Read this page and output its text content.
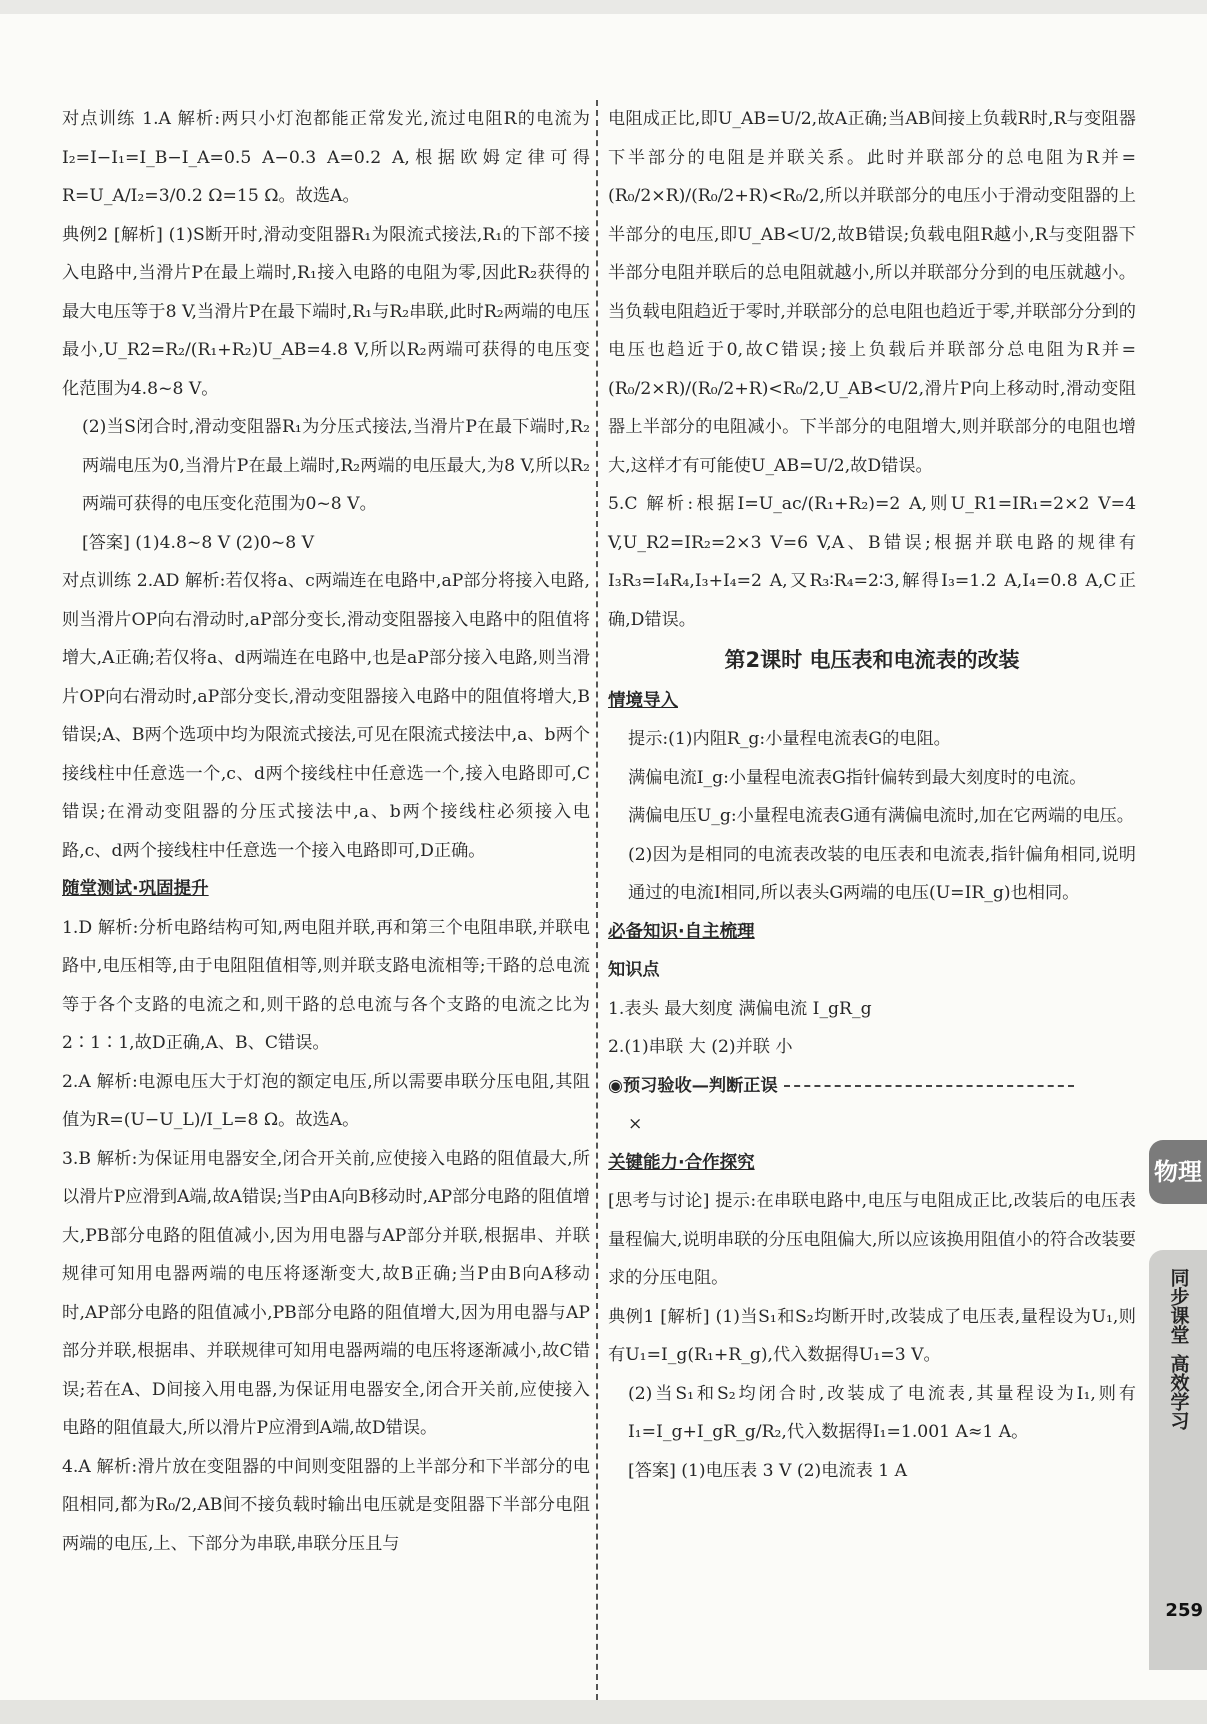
对点训练 1.A 解析:两只小灯泡都能正常发光,流过电阻R的电流为I₂=I−I₁=I_B−I_A=0.5 A−0.3 A=0.2 A,根据欧姆定律可得R=U_A/I₂=3/0.2 Ω=15 Ω。故选A。

典例2 [解析] (1)S断开时,滑动变阻器R₁为限流式接法,R₁的下部不接入电路中,当滑片P在最上端时,R₁接入电路的电阻为零,因此R₂获得的最大电压等于8 V,当滑片P在最下端时,R₁与R₂串联,此时R₂两端的电压最小,U_R2=R₂/(R₁+R₂)U_AB=4.8 V,所以R₂两端可获得的电压变化范围为4.8~8 V。

(2)当S闭合时,滑动变阻器R₁为分压式接法,当滑片P在最下端时,R₂两端电压为0,当滑片P在最上端时,R₂两端的电压最大,为8 V,所以R₂两端可获得的电压变化范围为0~8 V。

[答案] (1)4.8~8 V (2)0~8 V

对点训练 2.AD 解析:若仅将a、c两端连在电路中,aP部分将接入电路,则当滑片OP向右滑动时,aP部分变长,滑动变阻器接入电路中的阻值将增大,A正确;若仅将a、d两端连在电路中,也是aP部分接入电路,则当滑片OP向右滑动时,aP部分变长,滑动变阻器接入电路中的阻值将增大,B错误;A、B两个选项中均为限流式接法,可见在限流式接法中,a、b两个接线柱中任意选一个,c、d两个接线柱中任意选一个,接入电路即可,C错误;在滑动变阻器的分压式接法中,a、b两个接线柱必须接入电路,c、d两个接线柱中任意选一个接入电路即可,D正确。

随堂测试·巩固提升

1.D 解析:分析电路结构可知,两电阻并联,再和第三个电阻串联,并联电路中,电压相等,由于电阻阻值相等,则并联支路电流相等;干路的总电流等于各个支路的电流之和,则干路的总电流与各个支路的电流之比为2∶1∶1,故D正确,A、B、C错误。

2.A 解析:电源电压大于灯泡的额定电压,所以需要串联分压电阻,其阻值为R=(U−U_L)/I_L=8 Ω。故选A。

3.B 解析:为保证用电器安全,闭合开关前,应使接入电路的阻值最大,所以滑片P应滑到A端,故A错误;当P由A向B移动时,AP部分电路的阻值增大,PB部分电路的阻值减小,因为用电器与AP部分并联,根据串、并联规律可知用电器两端的电压将逐渐变大,故B正确;当P由B向A移动时,AP部分电路的阻值减小,PB部分电路的阻值增大,因为用电器与AP部分并联,根据串、并联规律可知用电器两端的电压将逐渐减小,故C错误;若在A、D间接入用电器,为保证用电器安全,闭合开关前,应使接入电路的阻值最大,所以滑片P应滑到A端,故D错误。

4.A 解析:滑片放在变阻器的中间则变阻器的上半部分和下半部分的电阻相同,都为R₀/2,AB间不接负载时输出电压就是变阻器下半部分电阻两端的电压,上、下部分为串联,串联分压且与

电阻成正比,即U_AB=U/2,故A正确;当AB间接上负载R时,R与变阻器下半部分的电阻是并联关系。此时并联部分的总电阻为R并=(R₀/2×R)/(R₀/2+R)<R₀/2,所以并联部分的电压小于滑动变阻器的上半部分的电压,即U_AB<U/2,故B错误;负载电阻R越小,R与变阻器下半部分电阻并联后的总电阻就越小,所以并联部分分到的电压就越小。当负载电阻趋近于零时,并联部分的总电阻也趋近于零,并联部分分到的电压也趋近于0,故C错误;接上负载后并联部分总电阻为R并=(R₀/2×R)/(R₀/2+R)<R₀/2,U_AB<U/2,滑片P向上移动时,滑动变阻器上半部分的电阻减小。下半部分的电阻增大,则并联部分的电阻也增大,这样才有可能使U_AB=U/2,故D错误。

5.C 解析:根据I=U_ac/(R₁+R₂)=2 A,则U_R1=IR₁=2×2 V=4 V,U_R2=IR₂=2×3 V=6 V,A、B错误;根据并联电路的规律有I₃R₃=I₄R₄,I₃+I₄=2 A,又R₃∶R₄=2∶3,解得I₃=1.2 A,I₄=0.8 A,C正确,D错误。

第2课时 电压表和电流表的改装

情境导入

提示:(1)内阻R_g:小量程电流表G的电阻。

满偏电流I_g:小量程电流表G指针偏转到最大刻度时的电流。

满偏电压U_g:小量程电流表G通有满偏电流时,加在它两端的电压。

(2)因为是相同的电流表改装的电压表和电流表,指针偏角相同,说明通过的电流I相同,所以表头G两端的电压(U=IR_g)也相同。

必备知识·自主梳理

知识点

1.表头 最大刻度 满偏电流 I_gR_g

2.(1)串联 大 (2)并联 小

◉预习验收—判断正误

×

关键能力·合作探究

[思考与讨论] 提示:在串联电路中,电压与电阻成正比,改装后的电压表量程偏大,说明串联的分压电阻偏大,所以应该换用阻值小的符合改装要求的分压电阻。

典例1 [解析] (1)当S₁和S₂均断开时,改装成了电压表,量程设为U₁,则有U₁=I_g(R₁+R_g),代入数据得U₁=3 V。

(2)当S₁和S₂均闭合时,改装成了电流表,其量程设为I₁,则有I₁=I_g+I_gR_g/R₂,代入数据得I₁=1.001 A≈1 A。

[答案] (1)电压表 3 V (2)电流表 1 A

物理
同步课堂
高效学习
259
